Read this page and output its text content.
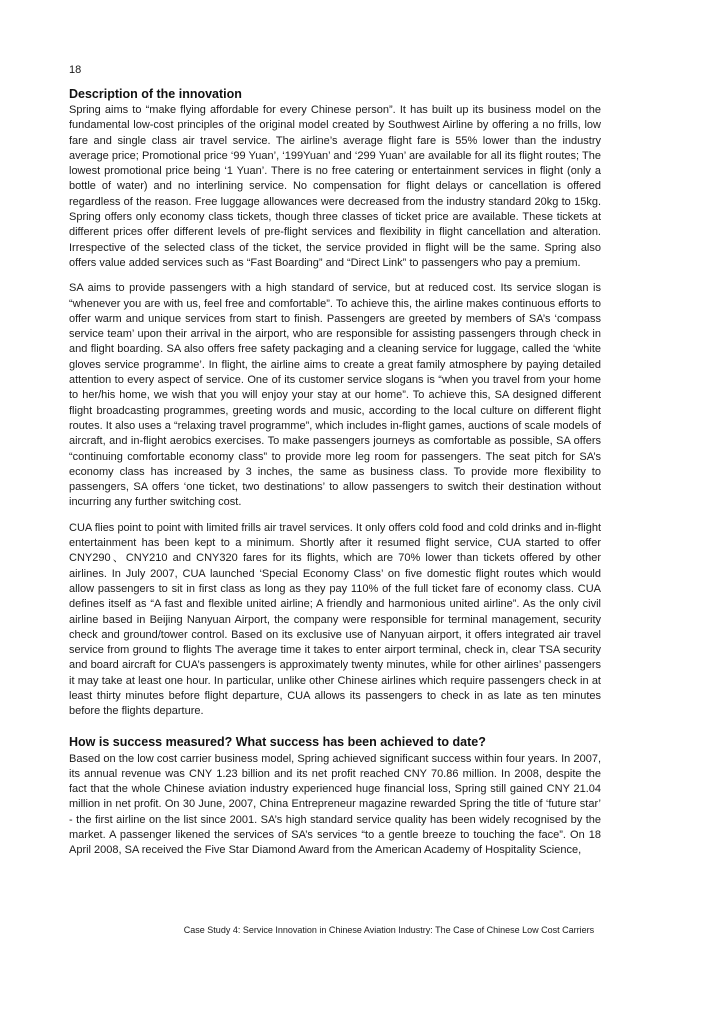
18
Description of the innovation

Spring aims to “make flying affordable for every Chinese person”. It has built up its business model on the fundamental low-cost principles of the original model created by Southwest Airline by offering a no frills, low fare and single class air travel service. The airline’s average flight fare is 55% lower than the industry average price; Promotional price ‘99 Yuan’, ‘199Yuan’ and ‘299 Yuan’ are available for all its flight routes; The lowest promotional price being ‘1 Yuan’. There is no free catering or entertainment services in flight (only a bottle of water) and no interlining service. No compensation for flight delays or cancellation is offered regardless of the reason. Free luggage allowances were decreased from the industry standard 20kg to 15kg. Spring offers only economy class tickets, though three classes of ticket price are available. These tickets at different prices offer different levels of pre-flight services and flexibility in flight cancellation and alteration. Irrespective of the selected class of the ticket, the service provided in flight will be the same. Spring also offers value added services such as “Fast Boarding” and “Direct Link” to passengers who pay a premium.

SA aims to provide passengers with a high standard of service, but at reduced cost. Its service slogan is “whenever you are with us, feel free and comfortable”. To achieve this, the airline makes continuous efforts to offer warm and unique services from start to finish. Passengers are greeted by members of SA’s ‘compass service team’ upon their arrival in the airport, who are responsible for assisting passengers through check in and flight boarding. SA also offers free safety packaging and a cleaning service for luggage, called the ‘white gloves service programme’. In flight, the airline aims to create a great family atmosphere by paying detailed attention to every aspect of service. One of its customer service slogans is “when you travel from your home to her/his home, we wish that you will enjoy your stay at our home”. To achieve this, SA designed different flight broadcasting programmes, greeting words and music, according to the local culture on different flight routes. It also uses a “relaxing travel programme”, which includes in-flight games, auctions of scale models of aircraft, and in-flight aerobics exercises. To make passengers journeys as comfortable as possible, SA offers “continuing comfortable economy class” to provide more leg room for passengers. The seat pitch for SA’s economy class has increased by 3 inches, the same as business class. To provide more flexibility to passengers, SA offers ‘one ticket, two destinations’ to allow passengers to switch their destination without incurring any further switching cost.

CUA flies point to point with limited frills air travel services. It only offers cold food and cold drinks and in-flight entertainment has been kept to a minimum. Shortly after it resumed flight service, CUA started to offer CNY290、CNY210 and CNY320 fares for its flights, which are 70% lower than tickets offered by other airlines. In July 2007, CUA launched ‘Special Economy Class’ on five domestic flight routes which would allow passengers to sit in first class as long as they pay 110% of the full ticket fare of economy class. CUA defines itself as “A fast and flexible united airline; A friendly and harmonious united airline”. As the only civil airline based in Beijing Nanyuan Airport, the company were responsible for terminal management, security check and ground/tower control. Based on its exclusive use of Nanyuan airport, it offers integrated air travel service from ground to flights The average time it takes to enter airport terminal, check in, clear TSA security and board aircraft for CUA’s passengers is approximately twenty minutes, while for other airlines’ passengers it may take at least one hour. In particular, unlike other Chinese airlines which require passengers check in at least thirty minutes before flight departure, CUA allows its passengers to check in as late as ten minutes before the flights departure.

How is success measured? What success has been achieved to date?

Based on the low cost carrier business model, Spring achieved significant success within four years. In 2007, its annual revenue was CNY 1.23 billion and its net profit reached CNY 70.86 million. In 2008, despite the fact that the whole Chinese aviation industry experienced huge financial loss, Spring still gained CNY 21.04 million in net profit. On 30 June, 2007, China Entrepreneur magazine rewarded Spring the title of ‘future star’ - the first airline on the list since 2001. SA’s high standard service quality has been widely recognised by the market. A passenger likened the services of SA’s services “to a gentle breeze to touching the face”. On 18 April 2008, SA received the Five Star Diamond Award from the American Academy of Hospitality Science,

Case Study 4: Service Innovation in Chinese Aviation Industry: The Case of Chinese Low Cost Carriers
